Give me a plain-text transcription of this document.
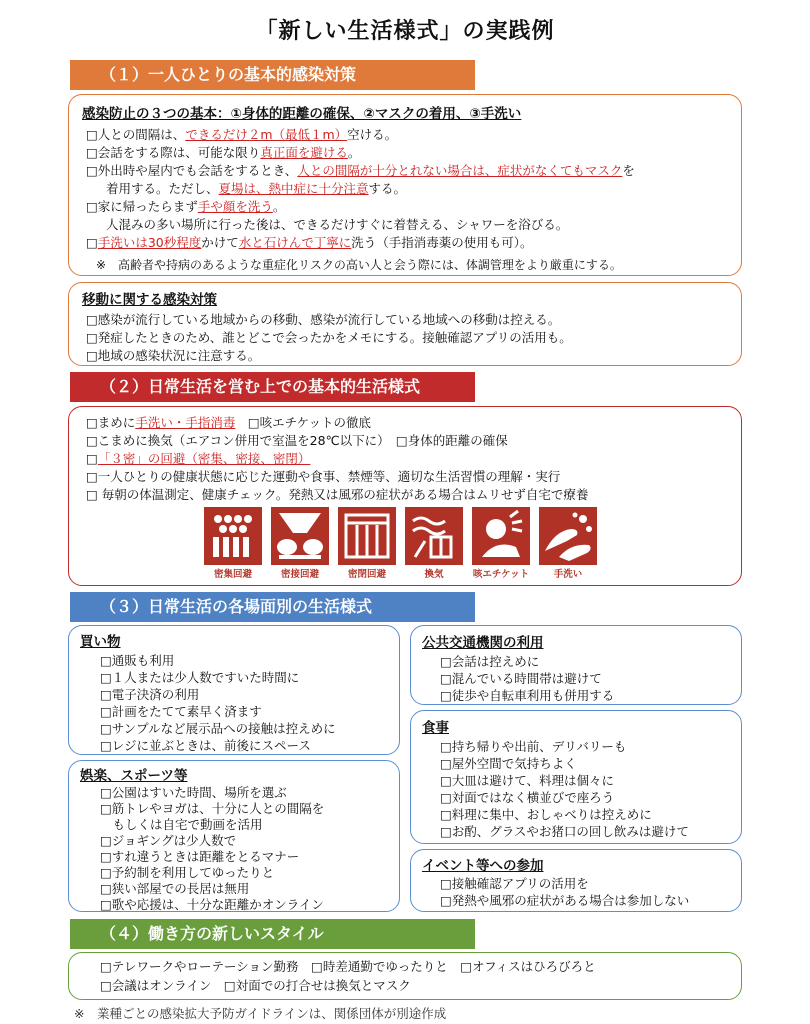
「新しい生活様式」の実践例
（１）一人ひとりの基本的感染対策
感染防止の３つの基本：①身体的距離の確保、②マスクの着用、③手洗い
□人との間隔は、できるだけ２m（最低１m）空ける。
□会話をする際は、可能な限り真正面を避ける。
□外出時や屋内でも会話をするとき、人との間隔が十分とれない場合は、症状がなくてもマスクを
着用する。ただし、夏場は、熱中症に十分注意する。
□家に帰ったらまず手や顔を洗う。
人混みの多い場所に行った後は、できるだけすぐに着替える、シャワーを浴びる。
□手洗いは30秒程度かけて水と石けんで丁寧に洗う（手指消毒薬の使用も可）。
※　高齢者や持病のあるような重症化リスクの高い人と会う際には、体調管理をより厳重にする。
移動に関する感染対策
□感染が流行している地域からの移動、感染が流行している地域への移動は控える。
□発症したときのため、誰とどこで会ったかをメモにする。接触確認アプリの活用も。
□地域の感染状況に注意する。
（２）日常生活を営む上での基本的生活様式
□まめに手洗い・手指消毒　 □咳エチケットの徹底
□こまめに換気（エアコン併用で室温を28℃以下に）　 □身体的距離の確保
□「３密」の回避（密集、密接、密閉）
□一人ひとりの健康状態に応じた運動や食事、禁煙等、適切な生活習慣の理解・実行
□ 毎朝の体温測定、健康チェック。発熱又は風邪の症状がある場合はムリせず自宅で療養
密集回避	密接回避	密閉回避	換気	咳エチケット	手洗い
（３）日常生活の各場面別の生活様式
買い物
□通販も利用
□１人または少人数ですいた時間に
□電子決済の利用
□計画をたてて素早く済ます
□サンプルなど展示品への接触は控えめに
□レジに並ぶときは、前後にスペース
娯楽、スポーツ等
□公園はすいた時間、場所を選ぶ
□筋トレやヨガは、十分に人との間隔を
　もしくは自宅で動画を活用
□ジョギングは少人数で
□すれ違うときは距離をとるマナー
□予約制を利用してゆったりと
□狭い部屋での長居は無用
□歌や応援は、十分な距離かオンライン
公共交通機関の利用
□会話は控えめに
□混んでいる時間帯は避けて
□徒歩や自転車利用も併用する
食事
□持ち帰りや出前、デリバリーも
□屋外空間で気持ちよく
□大皿は避けて、料理は個々に
□対面ではなく横並びで座ろう
□料理に集中、おしゃべりは控えめに
□お酌、グラスやお猪口の回し飲みは避けて
イベント等への参加
□接触確認アプリの活用を
□発熱や風邪の症状がある場合は参加しない
（４）働き方の新しいスタイル
□テレワークやローテーション勤務　□時差通勤でゆったりと　□オフィスはひろびろと
□会議はオンライン　□対面での打合せは換気とマスク
※　業種ごとの感染拡大予防ガイドラインは、関係団体が別途作成
